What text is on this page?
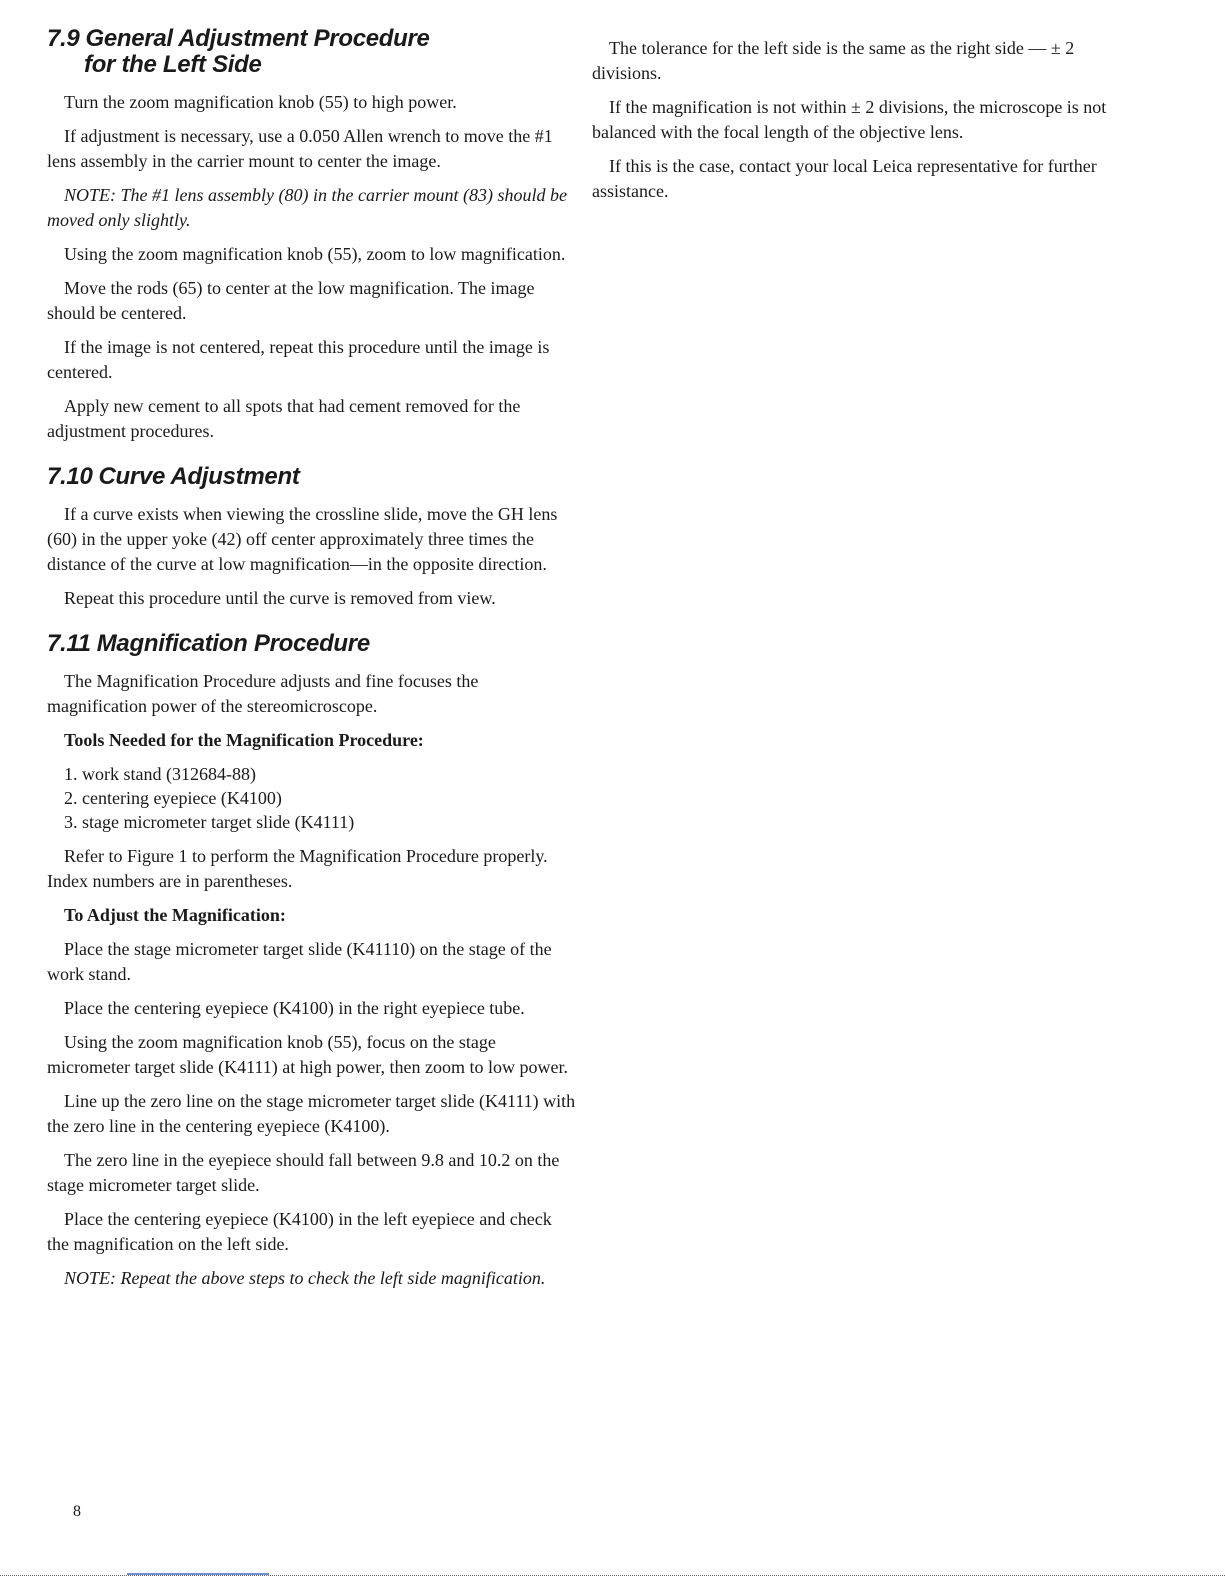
7.9 General Adjustment Procedure
for the Left Side

Turn the zoom magnification knob (55) to high power.

If adjustment is necessary, use a 0.050 Allen wrench to move the #1 lens assembly in the carrier mount to center the image.

NOTE: The #1 lens assembly (80) in the carrier mount (83) should be moved only slightly.

Using the zoom magnification knob (55), zoom to low magnification.

Move the rods (65) to center at the low magnification. The image should be centered.

If the image is not centered, repeat this procedure until the image is centered.

Apply new cement to all spots that had cement removed for the adjustment procedures.

7.10 Curve Adjustment

If a curve exists when viewing the crossline slide, move the GH lens (60) in the upper yoke (42) off center approximately three times the distance of the curve at low magnification—in the opposite direction.

Repeat this procedure until the curve is removed from view.

7.11 Magnification Procedure

The Magnification Procedure adjusts and fine focuses the magnification power of the stereomicroscope.

Tools Needed for the Magnification Procedure:

1. work stand (312684-88)
2. centering eyepiece (K4100)
3. stage micrometer target slide (K4111)

Refer to Figure 1 to perform the Magnification Procedure properly. Index numbers are in parentheses.

To Adjust the Magnification:

Place the stage micrometer target slide (K41110) on the stage of the work stand.

Place the centering eyepiece (K4100) in the right eyepiece tube.

Using the zoom magnification knob (55), focus on the stage micrometer target slide (K4111) at high power, then zoom to low power.

Line up the zero line on the stage micrometer target slide (K4111) with the zero line in the centering eyepiece (K4100).

The zero line in the eyepiece should fall between 9.8 and 10.2 on the stage micrometer target slide.

Place the centering eyepiece (K4100) in the left eyepiece and check the magnification on the left side.

NOTE: Repeat the above steps to check the left side magnification.

The tolerance for the left side is the same as the right side — ± 2 divisions.

If the magnification is not within ± 2 divisions, the microscope is not balanced with the focal length of the objective lens.

If this is the case, contact your local Leica representative for further assistance.

8
